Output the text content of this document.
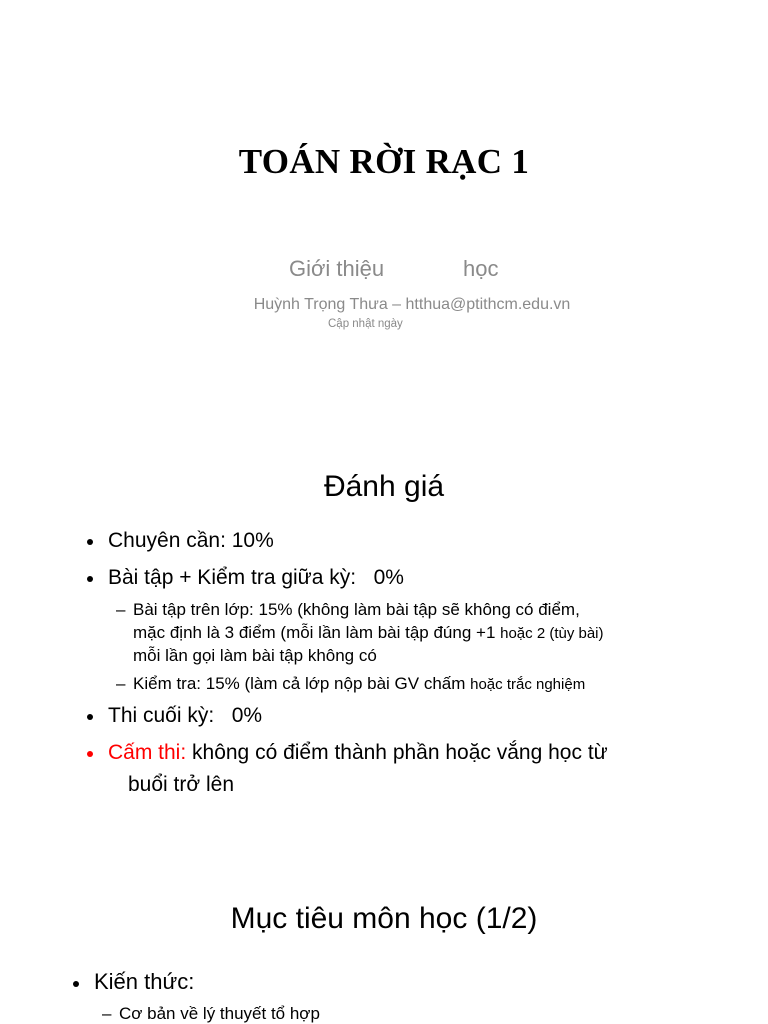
TOÁN RỜI RẠC 1
Giới thiệu	học
Huỳnh Trọng Thưa – htthua@ptithcm.edu.vn
Cập nhật ngày
Đánh giá
Chuyên cần: 10%
Bài tập + Kiểm tra giữa kỳ:   0%
– Bài tập trên lớp: 15% (không làm bài tập sẽ không có điểm,
mặc định là 3 điểm (mỗi lần làm bài tập đúng +1 hoặc 2 (tùy bài)
mỗi lần gọi làm bài tập không có
– Kiểm tra: 15% (làm cả lớp nộp bài GV chấm hoặc trắc nghiệm
Thi cuối kỳ:   0%
Cấm thi: không có điểm thành phần hoặc vắng học từ
buổi trở lên
Mục tiêu môn học (1/2)
Kiến thức:
– Cơ bản về lý thuyết tổ hợp
